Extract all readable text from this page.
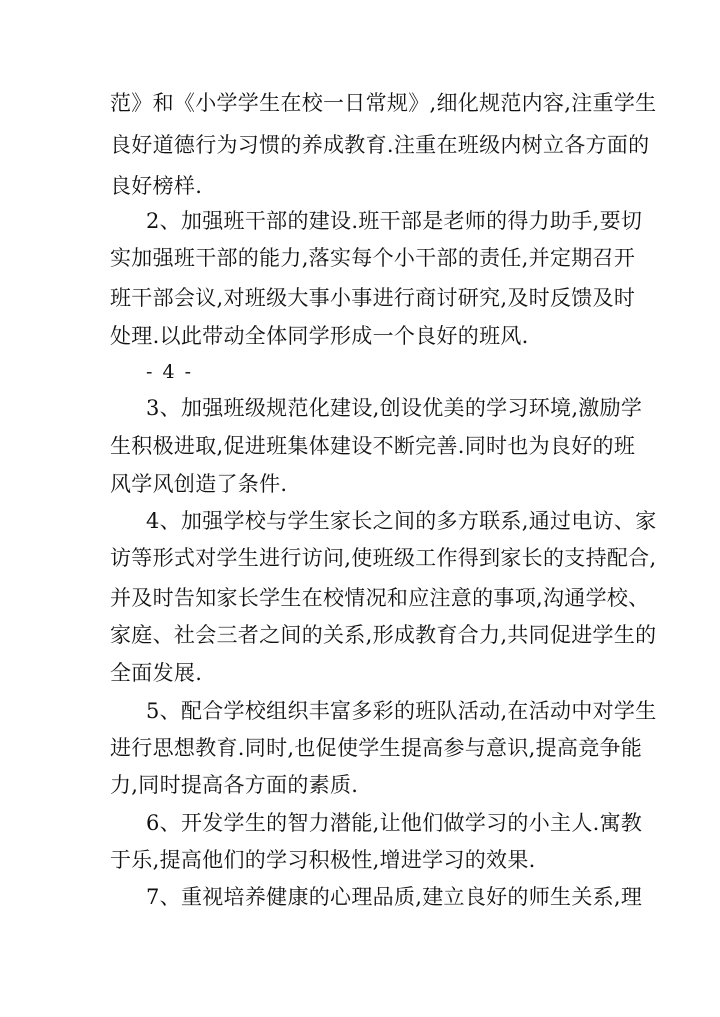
范》和《小学学生在校一日常规》,细化规范内容,注重学生
良好道德行为习惯的养成教育.注重在班级内树立各方面的
良好榜样.
2、加强班干部的建设.班干部是老师的得力助手,要切
实加强班干部的能力,落实每个小干部的责任,并定期召开
班干部会议,对班级大事小事进行商讨研究,及时反馈及时
处理.以此带动全体同学形成一个良好的班风.
- 4 -
3、加强班级规范化建设,创设优美的学习环境,激励学
生积极进取,促进班集体建设不断完善.同时也为良好的班
风学风创造了条件.
4、加强学校与学生家长之间的多方联系,通过电访、家
访等形式对学生进行访问,使班级工作得到家长的支持配合,
并及时告知家长学生在校情况和应注意的事项,沟通学校、
家庭、社会三者之间的关系,形成教育合力,共同促进学生的
全面发展.
5、配合学校组织丰富多彩的班队活动,在活动中对学生
进行思想教育.同时,也促使学生提高参与意识,提高竞争能
力,同时提高各方面的素质.
6、开发学生的智力潜能,让他们做学习的小主人.寓教
于乐,提高他们的学习积极性,增进学习的效果.
7、重视培养健康的心理品质,建立良好的师生关系,理
